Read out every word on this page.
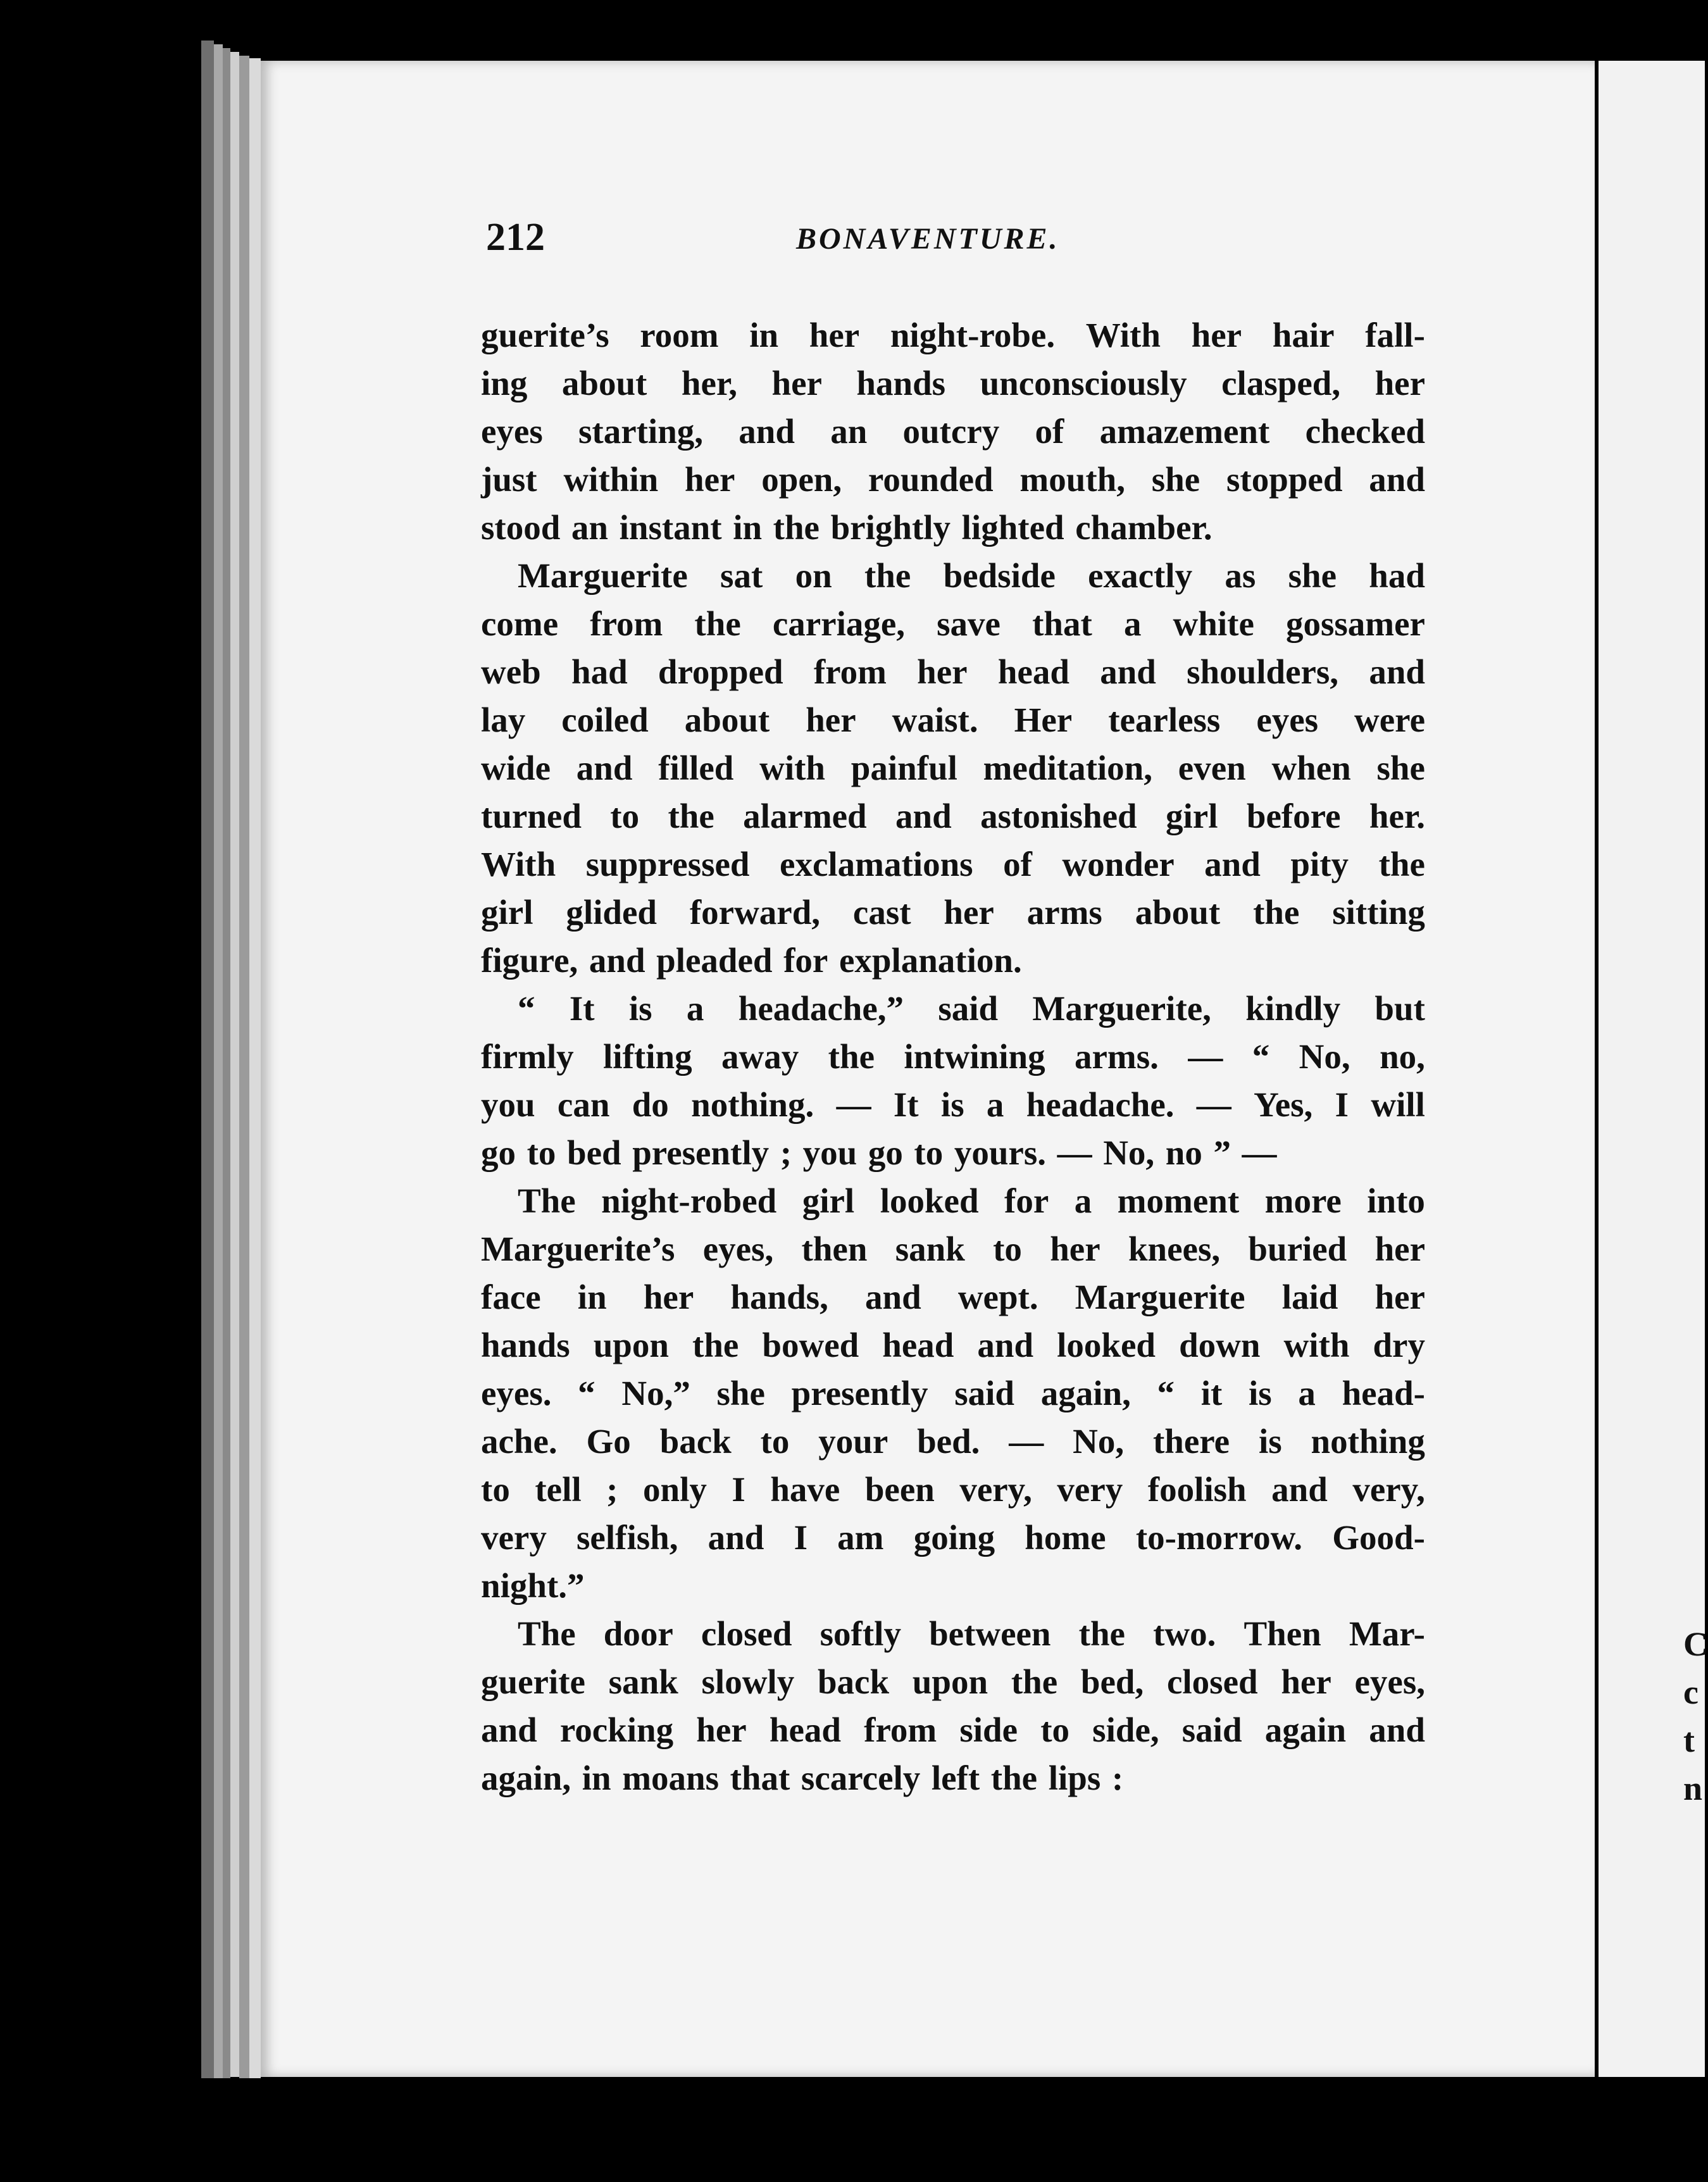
212	BONAVENTURE.
guerite’s room in her night-robe. With her hair fall-
ing about her, her hands unconsciously clasped, her
eyes starting, and an outcry of amazement checked
just within her open, rounded mouth, she stopped and
stood an instant in the brightly lighted chamber.
Marguerite sat on the bedside exactly as she had
come from the carriage, save that a white gossamer
web had dropped from her head and shoulders, and
lay coiled about her waist. Her tearless eyes were
wide and filled with painful meditation, even when she
turned to the alarmed and astonished girl before her.
With suppressed exclamations of wonder and pity the
girl glided forward, cast her arms about the sitting
figure, and pleaded for explanation.
“ It is a headache,” said Marguerite, kindly but
firmly lifting away the intwining arms. — “ No, no,
you can do nothing. — It is a headache. — Yes, I will
go to bed presently ; you go to yours. — No, no ” —
The night-robed girl looked for a moment more into
Marguerite’s eyes, then sank to her knees, buried her
face in her hands, and wept. Marguerite laid her
hands upon the bowed head and looked down with dry
eyes. “ No,” she presently said again, “ it is a head-
ache. Go back to your bed. — No, there is nothing
to tell ; only I have been very, very foolish and very,
very selfish, and I am going home to-morrow. Good-
night.”
The door closed softly between the two. Then Mar-
guerite sank slowly back upon the bed, closed her eyes,
and rocking her head from side to side, said again and
again, in moans that scarcely left the lips :
C
c
t
n
